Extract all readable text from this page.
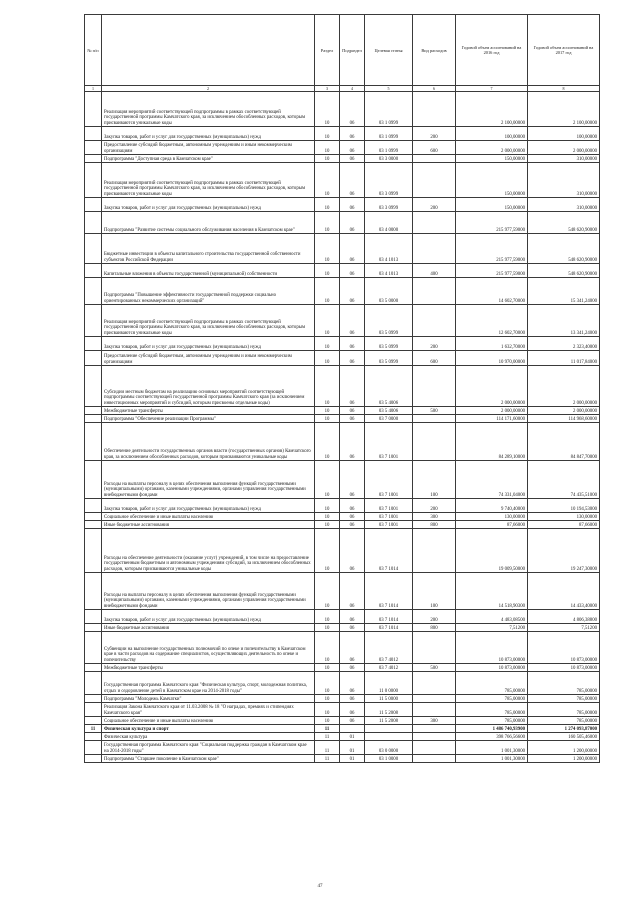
№ п/п		Раздел	Подраздел	Целевая статья	Вид расходов	Годовой объем ассигнований на 2016 год	Годовой объем ассигнований на 2017 год
1	2	3	4	5	6	7	8
	Реализация мероприятий соответствующей подпрограммы в рамках соответствующей государственной программы Камчатского края, за исключением обособленных расходов, которым присваиваются уникальные коды	10	06	03 1 0999		2 100,00000	2 100,00000
	Закупка товаров, работ и услуг для государственных (муниципальных) нужд	10	06	03 1 0999	200	100,00000	100,00000
	Предоставление субсидий бюджетным, автономным учреждениям и иным некоммерческим организациям	10	06	03 1 0999	600	2 000,00000	2 000,00000
	Подпрограмма "Доступная среда в Камчатском крае"	10	06	03 3 0000		150,00000	310,00000
	Реализация мероприятий соответствующей подпрограммы в рамках соответствующей государственной программы Камчатского края, за исключением обособленных расходов, которым присваиваются уникальные коды	10	06	03 3 0999		150,00000	310,00000
	Закупка товаров, работ и услуг для государственных (муниципальных) нужд	10	06	03 3 0999	200	150,00000	310,00000
	Подпрограмма "Развитие системы социального обслуживания населения в Камчатском крае"	10	06	03 4 0000		215 977,59000	548 620,90000
	Бюджетные инвестиции в объекты капитального строительства государственной собственности субъектов Российской Федерации	10	06	03 4 1013		215 977,59000	548 620,90000
	Капитальные вложения в объекты государственной (муниципальной) собственности	10	06	03 4 1013	400	215 977,59000	548 620,90000
	Подпрограмма "Повышение эффективности государственной поддержки социально ориентированных некоммерческих организаций"	10	06	03 5 0000		14 602,70000	15 341,24000
	Реализация мероприятий соответствующей подпрограммы в рамках соответствующей государственной программы Камчатского края, за исключением обособленных расходов, которым присваиваются уникальные коды	10	06	03 5 0999		12 602,70000	13 341,24000
	Закупка товаров, работ и услуг для государственных (муниципальных) нужд	10	06	03 5 0999	200	1 632,70000	2 323,40000
	Предоставление субсидий бюджетным, автономным учреждениям и иным некоммерческим организациям	10	06	03 5 0999	600	10 970,00000	11 017,84000
	Субсидии местным бюджетам на реализацию основных мероприятий соответствующей подпрограммы соответствующей государственной программы Камчатского края (за исключением инвестиционных мероприятий и субсидий, которым присвоены отдельные коды)	10	06	03 5 4006		2 000,00000	2 000,00000
	Межбюджетные трансферты	10	06	03 5 4006	500	2 000,00000	2 000,00000
	Подпрограмма "Обеспечение реализации Программы"	10	06	03 7 0000		114 171,60000	114 968,60000
	Обеспечение деятельности государственных органов власти (государственных органов) Камчатского края, за исключением обособленных расходов, которым присваиваются уникальные коды	10	06	03 7 1001		84 289,10000	84 847,70000
	Расходы на выплаты персоналу в целях обеспечения выполнения функций государственными (муниципальными) органами, казенными учреждениями, органами управления государственными внебюджетными фондами	10	06	03 7 1001	100	74 331,04000	74 435,51000
	Закупка товаров, работ и услуг для государственных (муниципальных) нужд	10	06	03 7 1001	200	9 740,40000	10 194,53000
	Социальное обеспечение и иные выплаты населению	10	06	03 7 1001	300	130,00000	130,00000
	Иные бюджетные ассигнования	10	06	03 7 1001	800	87,66000	87,66000
	Расходы на обеспечение деятельности (оказание услуг) учреждений, в том числе на предоставление государственным бюджетным и автономным учреждениям субсидий, за исключением обособленных расходов, которым присваиваются уникальные коды	10	06	03 7 1014		19 009,50000	19 247,30000
	Расходы на выплаты персоналу в целях обеспечения выполнения функций государственными (муниципальными) органами, казенными учреждениями, органами управления государственными внебюджетными фондами	10	06	03 7 1014	100	14 518,90300	14 433,40000
	Закупка товаров, работ и услуг для государственных (муниципальных) нужд	10	06	03 7 1014	200	4 483,08500	4 806,38800
	Иные бюджетные ассигнования	10	06	03 7 1014	800	7,51200	7,51200
	Субвенции на выполнение государственных полномочий по опеке и попечительству в Камчатском крае в части расходов на содержание специалистов, осуществляющих деятельность по опеке и попечительству	10	06	03 7 4012		10 873,00000	10 873,00000
	Межбюджетные трансферты	10	06	03 7 4012	500	10 873,00000	10 873,00000
	Государственная программа Камчатского края "Физическая культура, спорт, молодежная политика, отдых и оздоровление детей в Камчатском крае на 2014-2018 годы"	10	06	11 0 0000		785,00000	785,00000
	Подпрограмма "Молодежь Камчатки"	10	06	11 5 0000		785,00000	785,00000
	Реализация Закона Камчатского края от 11.03.2008 № 18 "О наградах, премиях и стипендиях Камчатского края"	10	06	11 5 2008		785,00000	785,00000
	Социальное обеспечение и иные выплаты населению	10	06	11 5 2008	300	785,00000	785,00000
11	Физическая культура и спорт	11				1 486 740,93900	1 274 093,87000
	Физическая культура	11	01			398 766,56600	160 505,46000
	Государственная программа Камчатского края "Социальная поддержка граждан в Камчатском крае на 2014-2018 годы"	11	01	03 0 0000		1 001,30000	1 200,00000
	Подпрограмма "Старшее поколение в Камчатском крае"	11	01	03 1 0000		1 001,30000	1 200,00000
47
